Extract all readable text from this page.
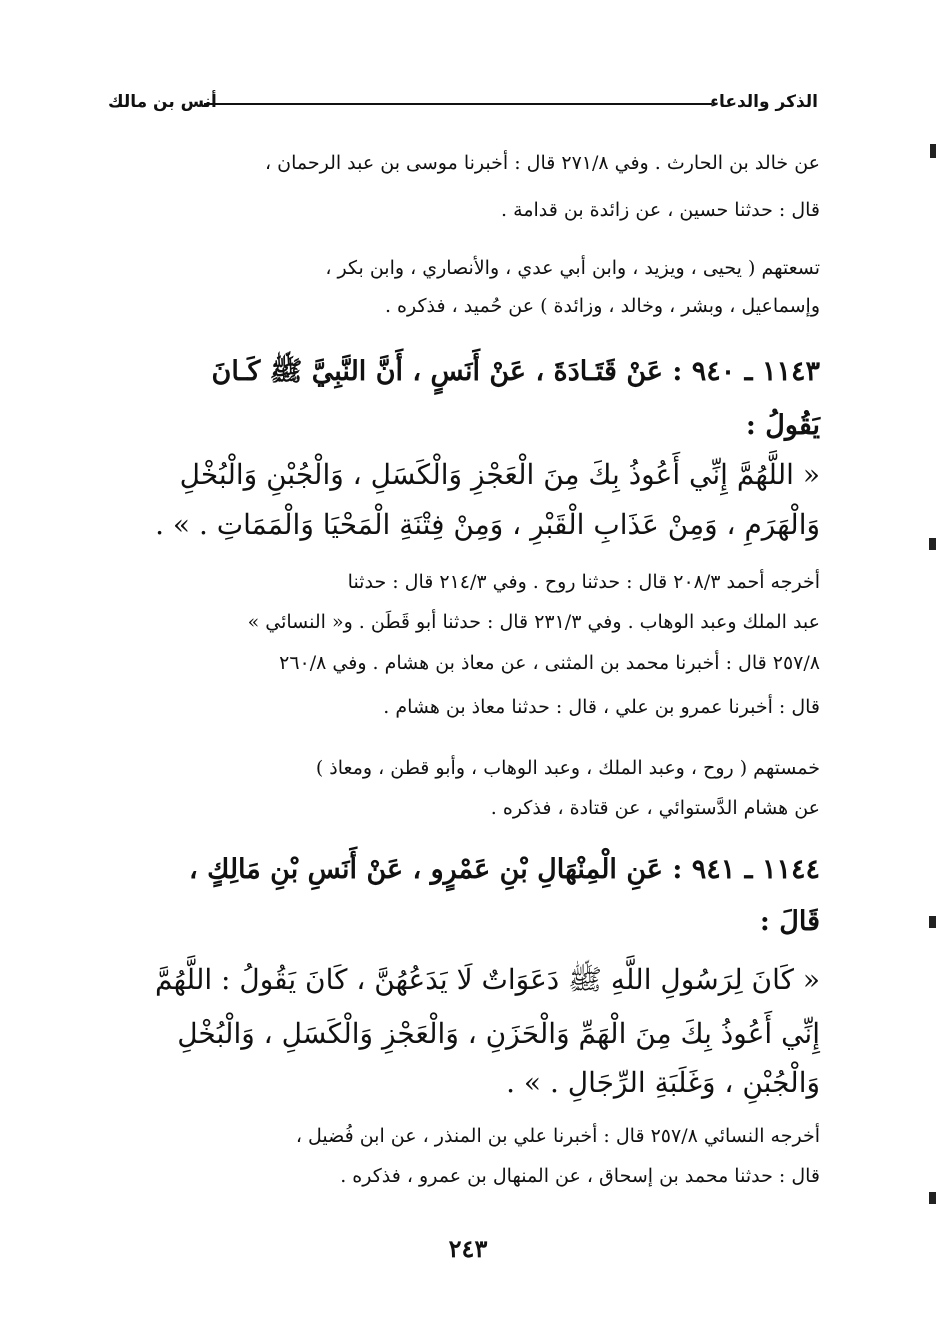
الذكر والدعاء
أنس بن مالك
عن خالد بن الحارث . وفي ٢٧١/٨ قال : أخبرنا موسى بن عبد الرحمان ،
قال : حدثنا حسين ، عن زائدة بن قدامة .
تسعتهم ( يحيى ، ويزيد ، وابن أبي عدي ، والأنصاري ، وابن بكر ،
وإسماعيل ، وبشر ، وخالد ، وزائدة ) عن حُميد ، فذكره .
١١٤٣ ـ ٩٤٠ : عَنْ قَتَـادَةَ ، عَنْ أَنَسٍ ، أَنَّ النَّبِيَّ ﷺ كَـانَ
يَقُولُ :
« اللَّهُمَّ إِنِّي أَعُوذُ بِكَ مِنَ الْعَجْزِ وَالْكَسَلِ ، وَالْجُبْنِ وَالْبُخْلِ
وَالْهَرَمِ ، وَمِنْ عَذَابِ الْقَبْرِ ، وَمِنْ فِتْنَةِ الْمَحْيَا وَالْمَمَاتِ . » .
أخرجه أحمد ٢٠٨/٣ قال : حدثنا روح . وفي ٢١٤/٣ قال : حدثنا
عبد الملك وعبد الوهاب . وفي ٢٣١/٣ قال : حدثنا أبو قَطَن . و« النسائي »
٢٥٧/٨ قال : أخبرنا محمد بن المثنى ، عن معاذ بن هشام . وفي ٢٦٠/٨
قال : أخبرنا عمرو بن علي ، قال : حدثنا معاذ بن هشام .
خمستهم ( روح ، وعبد الملك ، وعبد الوهاب ، وأبو قطن ، ومعاذ )
عن هشام الدَّستوائي ، عن قتادة ، فذكره .
١١٤٤ ـ ٩٤١ : عَنِ الْمِنْهَالِ بْنِ عَمْرٍو ، عَنْ أَنَسِ بْنِ مَالِكٍ ،
قَالَ :
« كَانَ لِرَسُولِ اللَّهِ ﷺ دَعَوَاتٌ لَا يَدَعُهُنَّ ، كَانَ يَقُولُ : اللَّهُمَّ
إِنِّي أَعُوذُ بِكَ مِنَ الْهَمِّ وَالْحَزَنِ ، وَالْعَجْزِ وَالْكَسَلِ ، وَالْبُخْلِ
وَالْجُبْنِ ، وَغَلَبَةِ الرِّجَالِ . » .
أخرجه النسائي ٢٥٧/٨ قال : أخبرنا علي بن المنذر ، عن ابن فُضيل ،
قال : حدثنا محمد بن إسحاق ، عن المنهال بن عمرو ، فذكره .
٢٤٣
